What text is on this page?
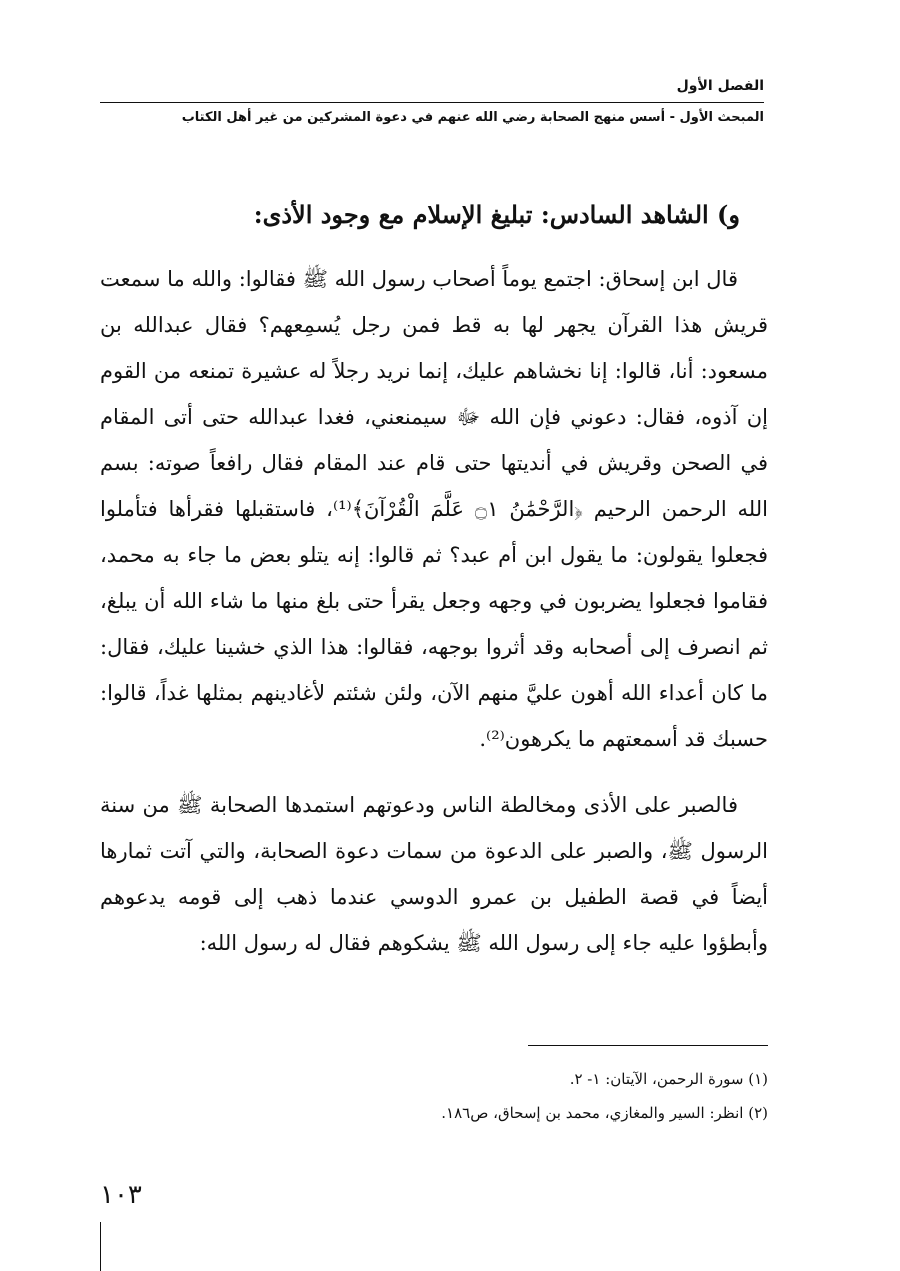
الفصل الأول
المبحث الأول - أسس منهج الصحابة رضي الله عنهم في دعوة المشركين من غير أهل الكتاب
و) الشاهد السادس: تبليغ الإسلام مع وجود الأذى:

قال ابن إسحاق: اجتمع يوماً أصحاب رسول الله ﷺ فقالوا: والله ما سمعت قريش هذا القرآن يجهر لها به قط فمن رجل يُسمِعهم؟ فقال عبدالله بن مسعود: أنا، قالوا: إنا نخشاهم عليك، إنما نريد رجلاً له عشيرة تمنعه من القوم إن آذوه، فقال: دعوني فإن الله ﷻ سيمنعني، فغدا عبدالله حتى أتى المقام في الصحن وقريش في أنديتها حتى قام عند المقام فقال رافعاً صوته: بسم الله الرحمن الرحيم ﴿الرَّحْمَٰنُ ۝١ عَلَّمَ الْقُرْآنَ﴾⁽¹⁾، فاستقبلها فقرأها فتأملوا فجعلوا يقولون: ما يقول ابن أم عبد؟ ثم قالوا: إنه يتلو بعض ما جاء به محمد، فقاموا فجعلوا يضربون في وجهه وجعل يقرأ حتى بلغ منها ما شاء الله أن يبلغ، ثم انصرف إلى أصحابه وقد أثروا بوجهه، فقالوا: هذا الذي خشينا عليك، فقال: ما كان أعداء الله أهون عليَّ منهم الآن، ولئن شئتم لأغادينهم بمثلها غداً، قالوا: حسبك قد أسمعتهم ما يكرهون⁽²⁾.

فالصبر على الأذى ومخالطة الناس ودعوتهم استمدها الصحابة ﷺ من سنة الرسول ﷺ، والصبر على الدعوة من سمات دعوة الصحابة، والتي آتت ثمارها أيضاً في قصة الطفيل بن عمرو الدوسي عندما ذهب إلى قومه يدعوهم وأبطؤوا عليه جاء إلى رسول الله ﷺ يشكوهم فقال له رسول الله:

(١) سورة الرحمن، الآيتان: ١- ٢.

(٢) انظر: السير والمغازي، محمد بن إسحاق، ص١٨٦.

١٠٣
